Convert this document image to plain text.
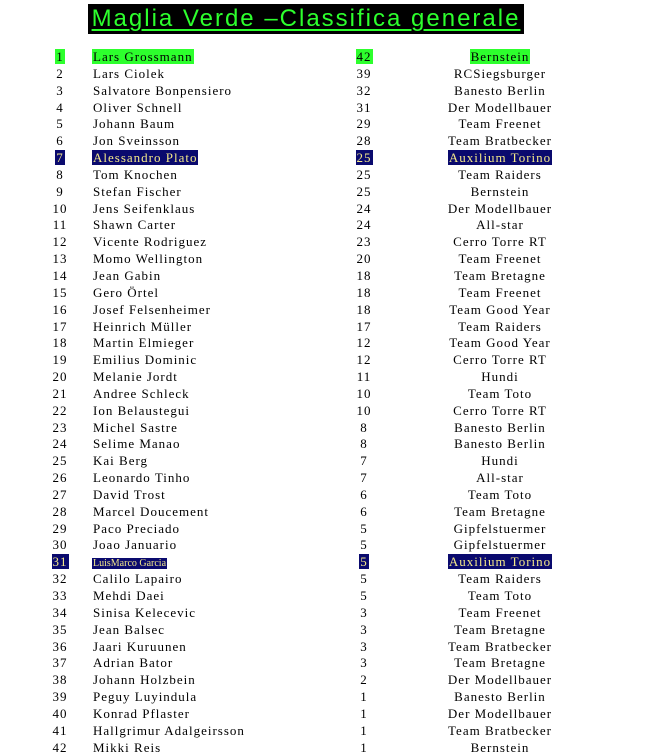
Maglia Verde –Classifica generale
1	Lars Grossmann	42	Bernstein
2	Lars Ciolek	39	RCSiegsburger
3	Salvatore Bonpensiero	32	Banesto Berlin
4	Oliver Schnell	31	Der Modellbauer
5	Johann Baum	29	Team Freenet
6	Jon Sveinsson	28	Team Bratbecker
7	Alessandro Plato	25	Auxilium Torino
8	Tom Knochen	25	Team Raiders
9	Stefan Fischer	25	Bernstein
10	Jens Seifenklaus	24	Der Modellbauer
11	Shawn Carter	24	All-star
12	Vicente Rodriguez	23	Cerro Torre RT
13	Momo Wellington	20	Team Freenet
14	Jean Gabin	18	Team Bretagne
15	Gero Örtel	18	Team Freenet
16	Josef Felsenheimer	18	Team Good Year
17	Heinrich Müller	17	Team Raiders
18	Martin Elmieger	12	Team Good Year
19	Emilius Dominic	12	Cerro Torre RT
20	Melanie Jordt	11	Hundi
21	Andree Schleck	10	Team Toto
22	Ion Belaustegui	10	Cerro Torre RT
23	Michel Sastre	8	Banesto Berlin
24	Selime Manao	8	Banesto Berlin
25	Kai Berg	7	Hundi
26	Leonardo Tinho	7	All-star
27	David Trost	6	Team Toto
28	Marcel Doucement	6	Team Bretagne
29	Paco Preciado	5	Gipfelstuermer
30	Joao Januario	5	Gipfelstuermer
31	LuisMarco Garcia	5	Auxilium Torino
32	Calilo Lapairo	5	Team Raiders
33	Mehdi Daei	5	Team Toto
34	Sinisa Kelecevic	3	Team Freenet
35	Jean Balsec	3	Team Bretagne
36	Jaari Kuruunen	3	Team Bratbecker
37	Adrian Bator	3	Team Bretagne
38	Johann Holzbein	2	Der Modellbauer
39	Peguy Luyindula	1	Banesto Berlin
40	Konrad Pflaster	1	Der Modellbauer
41	Hallgrimur Adalgeirsson	1	Team Bratbecker
42	Mikki Reis	1	Bernstein
